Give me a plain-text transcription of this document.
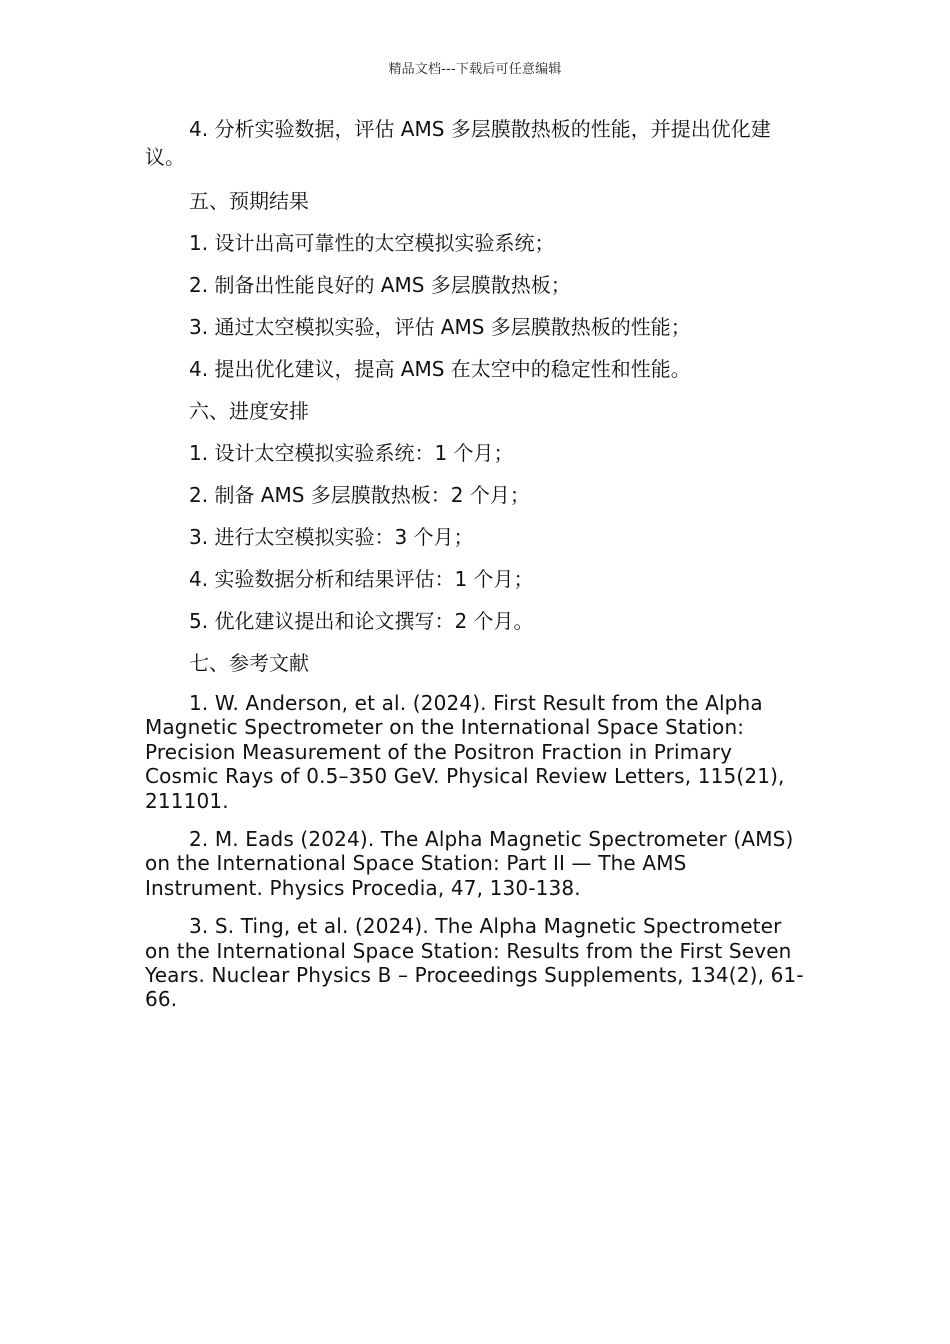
精品文档---下载后可任意编辑

4. 分析实验数据，评估 AMS 多层膜散热板的性能，并提出优化建议。

五、预期结果

1. 设计出高可靠性的太空模拟实验系统；

2. 制备出性能良好的 AMS 多层膜散热板；

3. 通过太空模拟实验，评估 AMS 多层膜散热板的性能；

4. 提出优化建议，提高 AMS 在太空中的稳定性和性能。

六、进度安排

1. 设计太空模拟实验系统：1 个月；

2. 制备 AMS 多层膜散热板：2 个月；

3. 进行太空模拟实验：3 个月；

4. 实验数据分析和结果评估：1 个月；

5. 优化建议提出和论文撰写：2 个月。

七、参考文献

1. W. Anderson, et al. (2024). First Result from the Alpha Magnetic Spectrometer on the International Space Station: Precision Measurement of the Positron Fraction in Primary Cosmic Rays of 0.5–350 GeV. Physical Review Letters, 115(21), 211101.

2. M. Eads (2024). The Alpha Magnetic Spectrometer (AMS) on the International Space Station: Part II — The AMS Instrument. Physics Procedia, 47, 130-138.

3. S. Ting, et al. (2024). The Alpha Magnetic Spectrometer on the International Space Station: Results from the First Seven Years. Nuclear Physics B – Proceedings Supplements, 134(2), 61-66.
